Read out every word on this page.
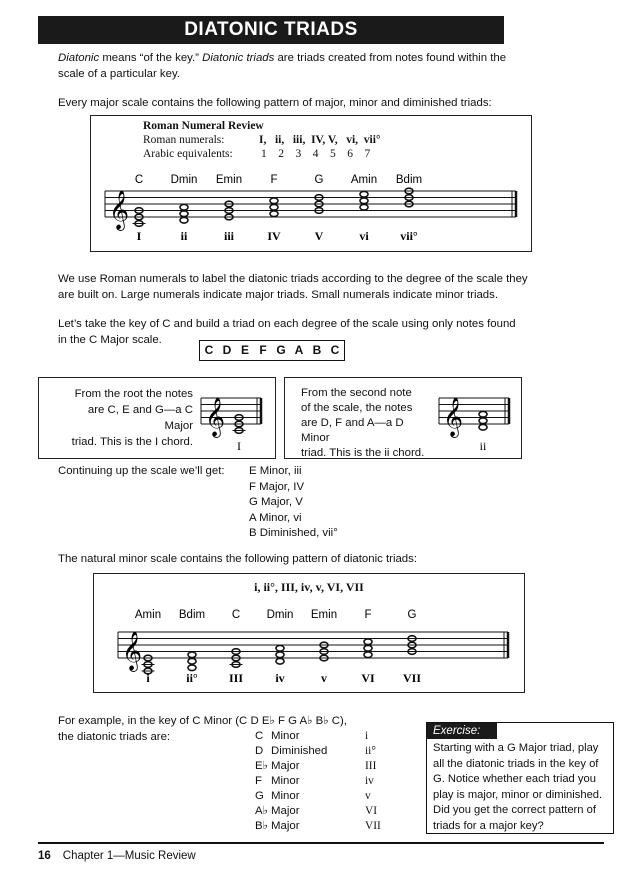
DIATONIC TRIADS
Diatonic means “of the key.” Diatonic triads are triads created from notes found within the
scale of a particular key.
Every major scale contains the following pattern of major, minor and diminished triads:
Roman Numeral Review
Roman numerals:	I,   ii,   iii,  IV, V,   vi,  vii°
Arabic equivalents: 1    2    3    4    5    6    7
𝄞
C
I
Dmin
ii
Emin
iii
F
IV
G
V
Amin
vi
Bdim
vii°
We use Roman numerals to label the diatonic triads according to the degree of the scale they
are built on. Large numerals indicate major triads. Small numerals indicate minor triads.
Let’s take the key of C and build a triad on each degree of the scale using only notes found
in the C Major scale.
C D E F G A B C
From the root the notes
are C, E and G—a C Major
triad. This is the I chord.
𝄞
I
From the second note
of the scale, the notes
are D, F and A—a D Minor
triad. This is the ii chord.
𝄞
ii
Continuing up the scale we’ll get: E Minor, iii
F Major, IV
G Major, V
A Minor, vi
B Diminished, vii°
The natural minor scale contains the following pattern of diatonic triads:
i, ii°, III, iv, v, VI, VII
𝄞
Amin
i
Bdim
ii°
C
III
Dmin
iv
Emin
v
F
VI
G
VII
For example, in the key of C Minor (C D E♭ F G A♭ B♭ C),
the diatonic triads are:	C Minor	i
D Diminished	ii°
E♭ Major	III
F Minor	iv
G Minor	v
A♭ Major	VI
B♭ Major	VII
Exercise:
Starting with a G Major triad, play
all the diatonic triads in the key of
G. Notice whether each triad you
play is major, minor or diminished.
Did you get the correct pattern of
triads for a major key?
16 Chapter 1—Music Review
